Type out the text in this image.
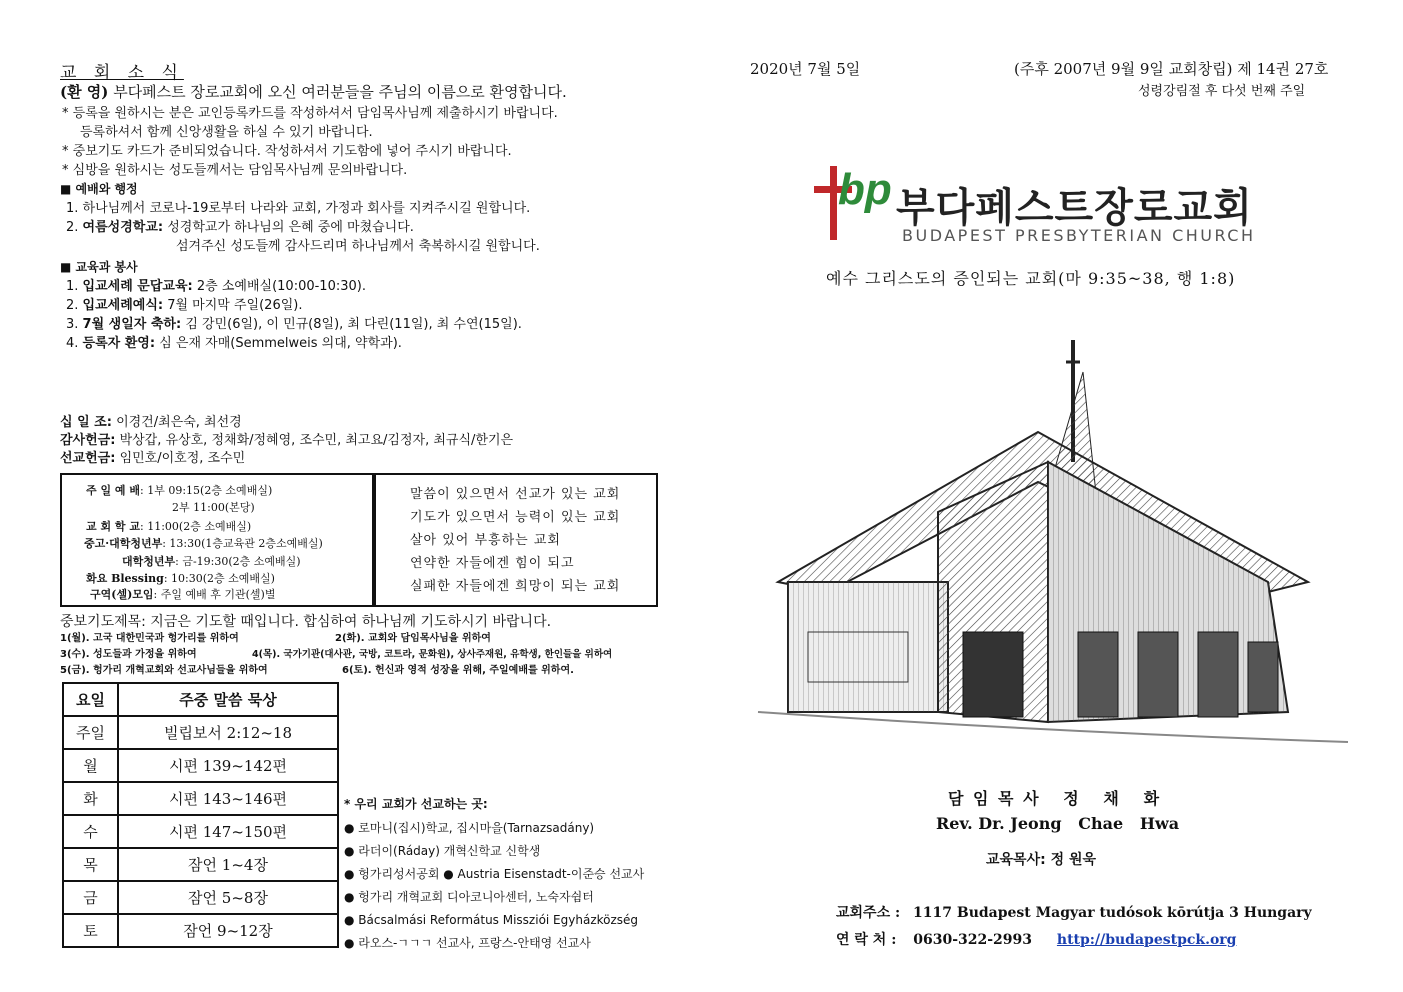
교 회 소 식
(환 영) 부다페스트 장로교회에 오신 여러분들을 주님의 이름으로 환영합니다.
* 등록을 원하시는 분은 교인등록카드를 작성하셔서 담임목사님께 제출하시기 바랍니다.
등록하셔서 함께 신앙생활을 하실 수 있기 바랍니다.
* 중보기도 카드가 준비되었습니다. 작성하셔서 기도함에 넣어 주시기 바랍니다.
* 심방을 원하시는 성도들께서는 담임목사님께 문의바랍니다.
■ 예배와 행정
1. 하나님께서 코로나-19로부터 나라와 교회, 가정과 회사를 지켜주시길 원합니다.
2. 여름성경학교: 성경학교가 하나님의 은혜 중에 마쳤습니다.
섬겨주신 성도들께 감사드리며 하나님께서 축복하시길 원합니다.
■ 교육과 봉사
1. 입교세례 문답교육: 2층 소예배실(10:00-10:30).
2. 입교세례예식: 7월 마지막 주일(26일).
3. 7월 생일자 축하: 김 강민(6일), 이 민규(8일), 최 다린(11일), 최 수연(15일).
4. 등록자 환영: 심 은재 자매(Semmelweis 의대, 약학과).
십 일 조: 이경건/최은숙, 최선경
감사헌금: 박상갑, 유상호, 정채화/정혜영, 조수민, 최고요/김정자, 최규식/한기은
선교헌금: 임민호/이호정, 조수민
주 일 예 배: 1부 09:15(2층 소예배실)
2부 11:00(본당)
교 회 학 교: 11:00(2층 소예배실)
중고·대학청년부: 13:30(1층교육관 2층소예배실)
대학청년부: 금-19:30(2층 소예배실)
화요 Blessing: 10:30(2층 소예배실)
구역(셀)모임: 주일 예배 후 기관(셀)별
말씀이 있으면서 선교가 있는 교회
기도가 있으면서 능력이 있는 교회
살아 있어 부흥하는 교회
연약한 자들에겐 힘이 되고
실패한 자들에겐 희망이 되는 교회
중보기도제목: 지금은 기도할 때입니다. 합심하여 하나님께 기도하시기 바랍니다.
1(월). 고국 대한민국과 헝가리를 위하여	2(화). 교회와 담임목사님을 위하여
3(수). 성도들과 가정을 위하여	4(목). 국가기관(대사관, 국방, 코트라, 문화원), 상사주재원, 유학생, 한인들을 위하여
5(금). 헝가리 개혁교회와 선교사님들을 위하여	6(토). 헌신과 영적 성장을 위해, 주일예배를 위하여.
요일	주중 말씀 묵상
주일	빌립보서 2:12~18
월	시편 139~142편
화	시편 143~146편
수	시편 147~150편
목	잠언 1~4장
금	잠언 5~8장
토	잠언 9~12장
* 우리 교회가 선교하는 곳:
● 로마니(집시)학교, 집시마을(Tarnazsadány)
● 라더이(Ráday) 개혁신학교 신학생
● 헝가리성서공회 ● Austria Eisenstadt-이준승 선교사
● 헝가리 개혁교회 디아코니아센터, 노숙자쉼터
● Bácsalmási Református Missziói Egyházközség
● 라오스-ㄱㄱㄱ 선교사, 프랑스-안태영 선교사
2020년 7월 5일	(주후 2007년 9월 9일 교회창립) 제 14권 27호
성령강림절 후 다섯 번째 주일
bp 부다페스트장로교회
BUDAPEST PRESBYTERIAN CHURCH
예수 그리스도의 증인되는 교회(마 9:35~38, 행 1:8)
담 임 목 사   정   채   화
Rev. Dr. Jeong   Chae   Hwa
교육목사: 정 원욱
교회주소 : 1117 Budapest Magyar tudósok kōrútja 3 Hungary
연 락 처 : 0630-322-2993 http://budapestpck.org
